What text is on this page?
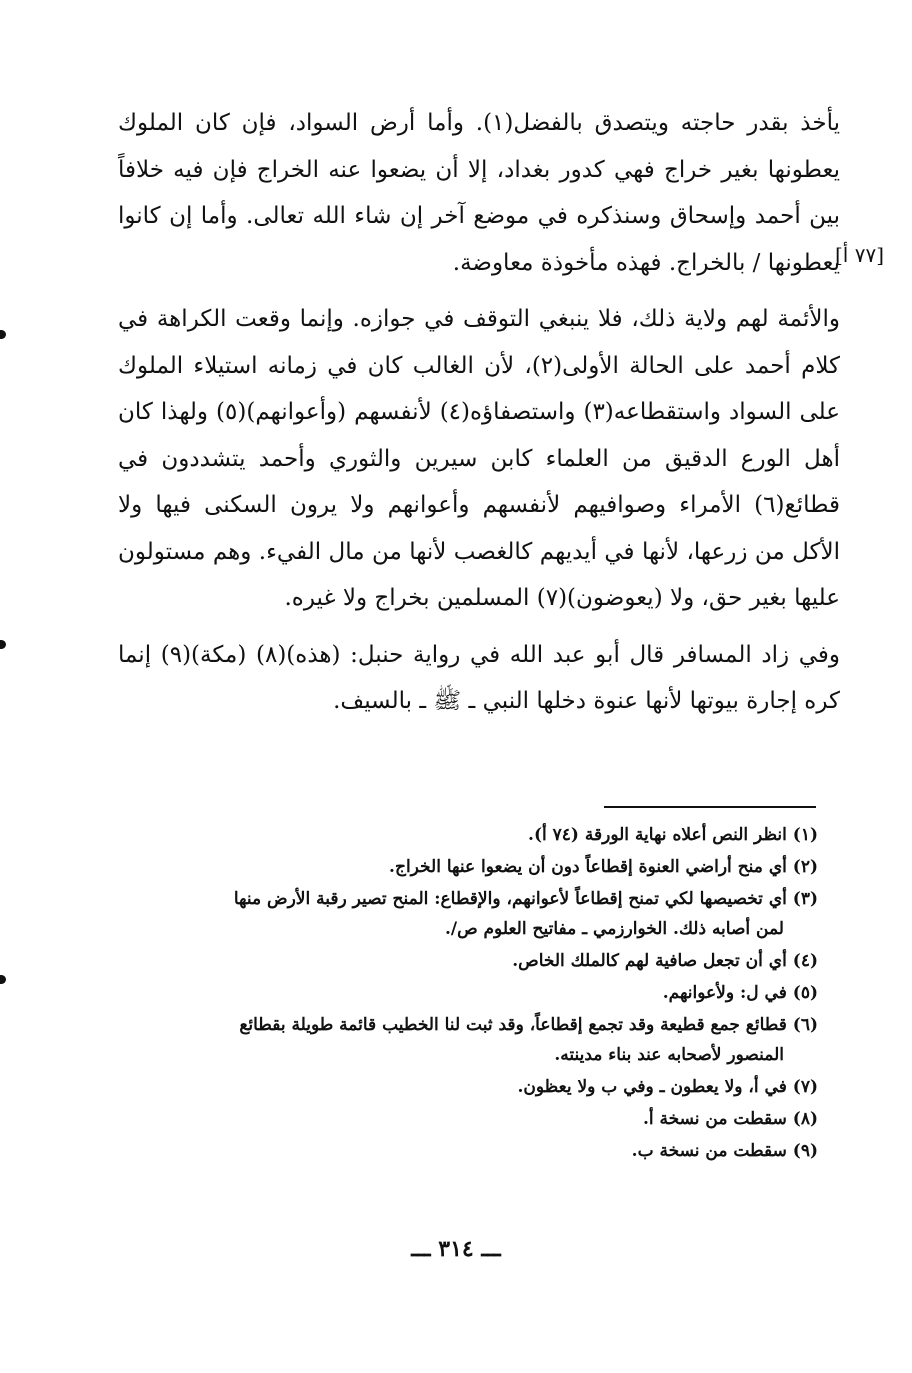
[٧٧ أ]

يأخذ بقدر حاجته ويتصدق بالفضل(١). وأما أرض السواد، فإن كان الملوك يعطونها بغير خراج فهي كدور بغداد، إلا أن يضعوا عنه الخراج فإن فيه خلافاً بين أحمد وإسحاق وسنذكره في موضع آخر إن شاء الله تعالى. وأما إن كانوا يعطونها / بالخراج. فهذه مأخوذة معاوضة.

والأئمة لهم ولاية ذلك، فلا ينبغي التوقف في جوازه. وإنما وقعت الكراهة في كلام أحمد على الحالة الأولى(٢)، لأن الغالب كان في زمانه استيلاء الملوك على السواد واستقطاعه(٣) واستصفاؤه(٤) لأنفسهم (وأعوانهم)(٥) ولهذا كان أهل الورع الدقيق من العلماء كابن سيرين والثوري وأحمد يتشددون في قطائع(٦) الأمراء وصوافيهم لأنفسهم وأعوانهم ولا يرون السكنى فيها ولا الأكل من زرعها، لأنها في أيديهم كالغصب لأنها من مال الفيء. وهم مستولون عليها بغير حق، ولا (يعوضون)(٧) المسلمين بخراج ولا غيره.

وفي زاد المسافر قال أبو عبد الله في رواية حنبل: (هذه)(٨) (مكة)(٩) إنما كره إجارة بيوتها لأنها عنوة دخلها النبي ـ ﷺ ـ بالسيف.

(١) انظر النص أعلاه نهاية الورقة (٧٤ أ).

(٢) أي منح أراضي العنوة إقطاعاً دون أن يضعوا عنها الخراج.

(٣) أي تخصيصها لكي تمنح إقطاعاً لأعوانهم، والإقطاع: المنح تصير رقبة الأرض منها
لمن أصابه ذلك. الخوارزمي ـ مفاتيح العلوم ص/.

(٤) أي أن تجعل صافية لهم كالملك الخاص.

(٥) في ل: ولأعوانهم.

(٦) قطائع جمع قطيعة وقد تجمع إقطاعاً، وقد ثبت لنا الخطيب قائمة طويلة بقطائع
المنصور لأصحابه عند بناء مدينته.

(٧) في أ، ولا يعطون ـ وفي ب ولا يعظون.

(٨) سقطت من نسخة أ.

(٩) سقطت من نسخة ب.

ـــ ٣١٤ ـــ
